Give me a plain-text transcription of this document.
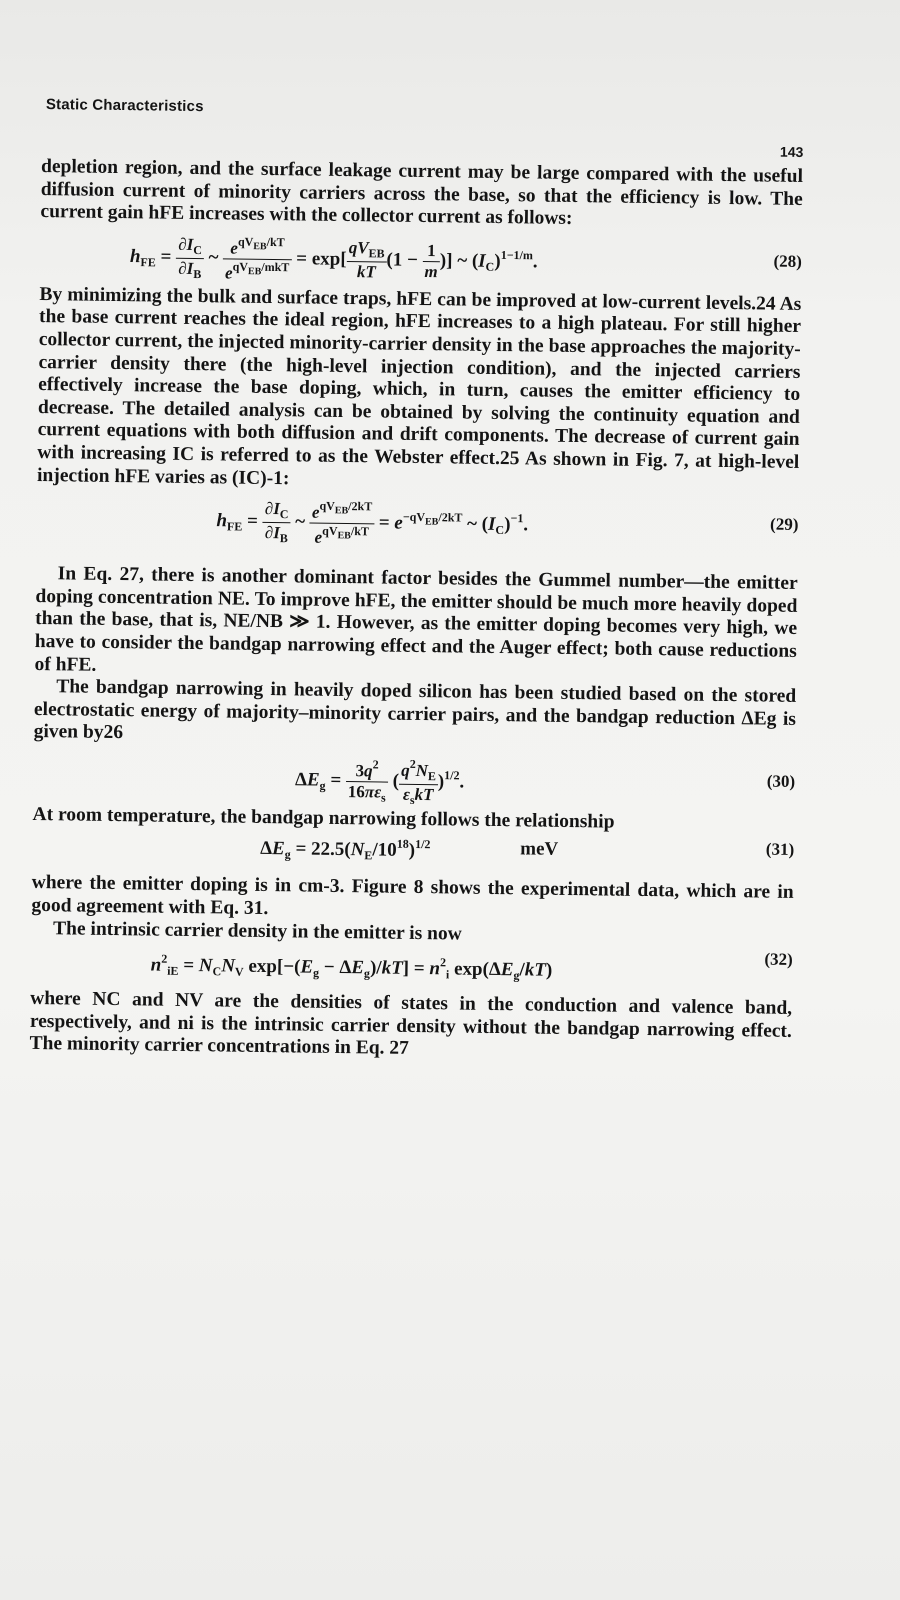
Static Characteristics
143

depletion region, and the surface leakage current may be large compared with the useful diffusion current of minority carriers across the base, so that the efficiency is low. The current gain hFE increases with the collector current as follows:

$h_{FE} = \frac{\partial I_C}{\partial I_B}$ ~ $\frac{e^{qV_{EB}/kT}}{e^{qV_{EB}/mkT}} = \exp[ \frac{qV_{EB}}{kT} (1 - \frac{1}{m}$ )] ~ $(I_C)^{1-1/m}$.	(28)

By minimizing the bulk and surface traps, hFE can be improved at low-current levels.24 As the base current reaches the ideal region, hFE increases to a high plateau. For still higher collector current, the injected minority-carrier density in the base approaches the majority-carrier density there (the high-level injection condition), and the injected carriers effectively increase the base doping, which, in turn, causes the emitter efficiency to decrease. The detailed analysis can be obtained by solving the continuity equation and current equations with both diffusion and drift components. The decrease of current gain with increasing IC is referred to as the Webster effect.25 As shown in Fig. 7, at high-level injection hFE varies as (IC)-1:

$h_{FE} = \frac{\partial I_C}{\partial I_B}$ ~ $\frac{e^{qV_{EB}/2kT}}{e^{qV_{EB}/kT}} = e^{-qV_{EB}/2kT}$ ~ $(I_C)^{-1}$.	(29)

In Eq. 27, there is another dominant factor besides the Gummel number—the emitter doping concentration NE. To improve hFE, the emitter should be much more heavily doped than the base, that is, NE/NB ≫ 1. However, as the emitter doping becomes very high, we have to consider the bandgap narrowing effect and the Auger effect; both cause reductions of hFE.

The bandgap narrowing in heavily doped silicon has been studied based on the stored electrostatic energy of majority–minority carrier pairs, and the bandgap reduction ΔEg is given by26

$\Delta E_g = \frac{3q^2}{16\pi\varepsilon_s}$ ( $\frac{q^2N_E}{\varepsilon_skT} )^{1/2}$.	(30)

At room temperature, the bandgap narrowing follows the relationship

$\Delta E_g = 22.5(N_E/10^{18})^{1/2}$	meV	(31)

where the emitter doping is in cm-3. Figure 8 shows the experimental data, which are in good agreement with Eq. 31.

The intrinsic carrier density in the emitter is now

$n^2_{iE} = N_CN_V$ $\exp[-(E_g - \Delta E_g)/kT] = n^2_i$ $\exp(\Delta E_g/kT)$
(32)

where NC and NV are the densities of states in the conduction and valence band, respectively, and ni is the intrinsic carrier density without the bandgap narrowing effect. The minority carrier concentrations in Eq. 27
